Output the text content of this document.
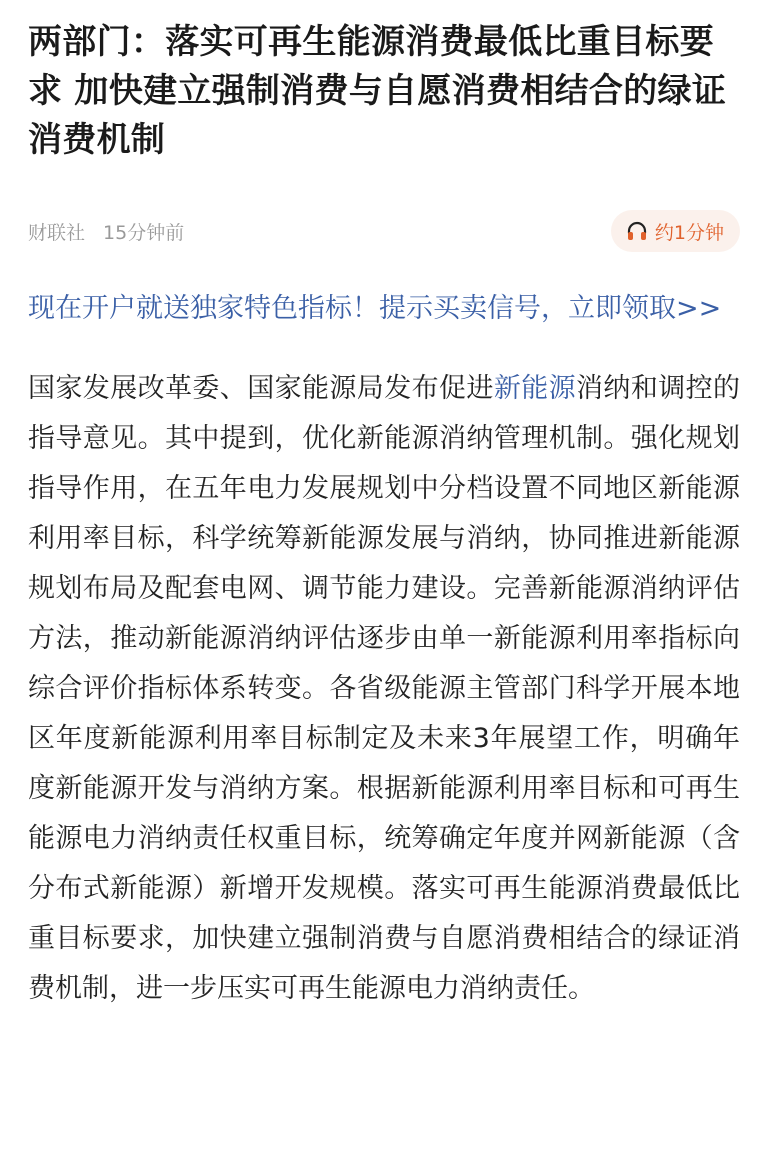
两部门：落实可再生能源消费最低比重目标要求 加快建立强制消费与自愿消费相结合的绿证消费机制
财联社 15分钟前	约1分钟
现在开户就送独家特色指标！提示买卖信号，立即领取>>
国家发展改革委、国家能源局发布促进新能源消纳和调控的指导意见。其中提到，优化新能源消纳管理机制。强化规划指导作用，在五年电力发展规划中分档设置不同地区新能源利用率目标，科学统筹新能源发展与消纳，协同推进新能源规划布局及配套电网、调节能力建设。完善新能源消纳评估方法，推动新能源消纳评估逐步由单一新能源利用率指标向综合评价指标体系转变。各省级能源主管部门科学开展本地区年度新能源利用率目标制定及未来3年展望工作，明确年度新能源开发与消纳方案。根据新能源利用率目标和可再生能源电力消纳责任权重目标，统筹确定年度并网新能源（含分布式新能源）新增开发规模。落实可再生能源消费最低比重目标要求，加快建立强制消费与自愿消费相结合的绿证消费机制，进一步压实可再生能源电力消纳责任。
